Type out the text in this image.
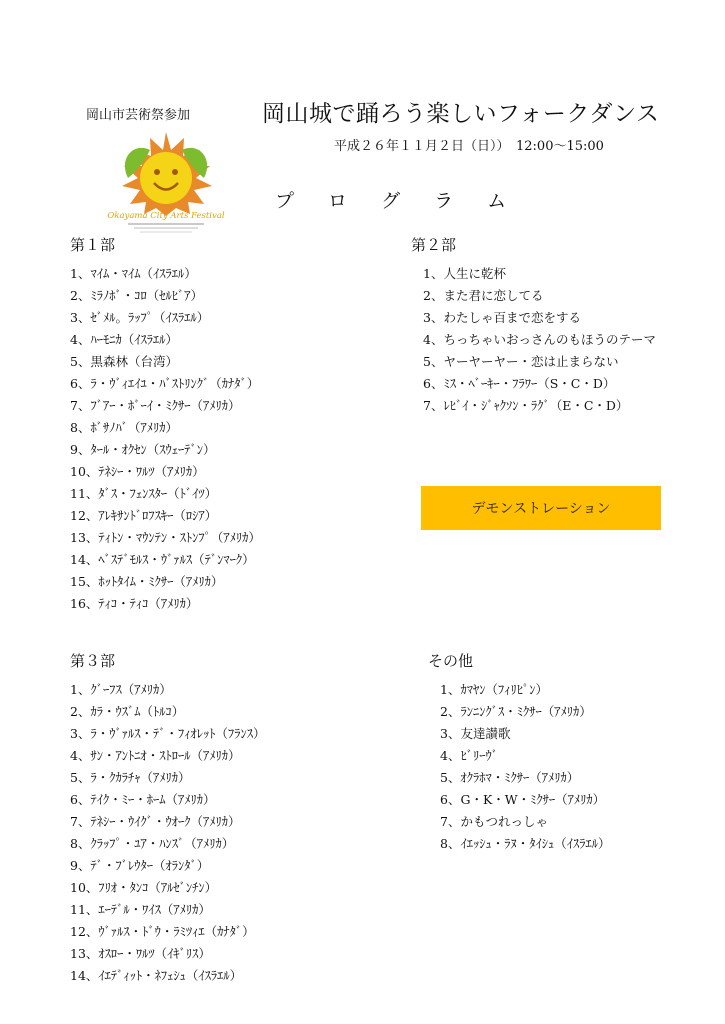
岡山市芸術祭参加	岡山城で踊ろう楽しいフォークダンス
平成２６年１１月２日（日））　12:00〜15:00
Okayama City Arts Festival
プ ロ グ ラ ム
第１部
1、ﾏｲﾑ・ﾏｲﾑ（ｲｽﾗｴﾙ）
2、ﾐﾗﾉﾎﾞ・ｺﾛ（ｾﾙﾋﾞｱ）
3、ｾﾞﾒﾙ。ﾗｯﾌﾟ（ｲｽﾗｴﾙ）
4、ﾊｰﾓﾆｶ（ｲｽﾗｴﾙ）
5、黒森林（台湾）
6、ﾗ・ｳﾞｨｴｲﾕ・ﾊﾞｽﾄﾘﾝｸﾞ（ｶﾅﾀﾞ）
7、ﾌﾞｱｰ・ﾎﾞｰｲ・ﾐｸｻｰ（ｱﾒﾘｶ）
8、ﾎﾞｻﾉﾊﾞ（ｱﾒﾘｶ）
9、ﾀｰﾙ・ｵｸｾﾝ（ｽｳｪｰﾃﾞﾝ）
10、ﾃﾈｼｰ・ﾜﾙﾂ（ｱﾒﾘｶ）
11、ﾀﾞｽ・ﾌｪﾝｽﾀｰ（ﾄﾞｲﾂ）
12、ｱﾚｷｻﾝﾄﾞﾛﾌｽｷｰ（ﾛｼｱ）
13、ﾃｨﾄﾝ・ﾏｳﾝﾃﾝ・ｽﾄﾝﾌﾟ（ｱﾒﾘｶ）
14、ﾍﾞｽﾃﾞﾓﾙｽ・ｳﾞｧﾙｽ（ﾃﾞﾝﾏｰｸ）
15、ﾎｯﾄﾀｲﾑ・ﾐｸｻｰ（ｱﾒﾘｶ）
16、ﾃｨｺ・ﾃｨｺ（ｱﾒﾘｶ）
第２部
1、人生に乾杯
2、また君に恋してる
3、わたしゃ百まで恋をする
4、ちっちゃいおっさんのもほうのテーマ
5、ヤーヤーヤー・恋は止まらない
6、ﾐｽ・ﾍﾞｰｷｰ・ﾌﾗﾜｰ（S・C・D）
7、ﾚﾋﾞｲ・ｼﾞｬｸｿﾝ・ﾗｸﾞ（E・C・D）
デモンストレーション
第３部
1、ｸﾞｰﾌｽ（ｱﾒﾘｶ）
2、ｶﾗ・ｳｽﾞﾑ（ﾄﾙｺ）
3、ﾗ・ｳﾞｧﾙｽ・ﾃﾞ・ﾌｨｵﾚｯﾄ（ﾌﾗﾝｽ）
4、ｻﾝ・ｱﾝﾄﾆｵ・ｽﾄﾛｰﾙ（ｱﾒﾘｶ）
5、ﾗ・ｸｶﾗﾁｬ（ｱﾒﾘｶ）
6、ﾃｲｸ・ﾐｰ・ﾎｰﾑ（ｱﾒﾘｶ）
7、ﾃﾈｼｰ・ｳｲｸﾞ・ｳｵｰｸ（ｱﾒﾘｶ）
8、ｸﾗｯﾌﾟ・ﾕｱ・ﾊﾝｽﾞ（ｱﾒﾘｶ）
9、ﾃﾞ・ﾌﾞﾚｳﾀｰ（ｵﾗﾝﾀﾞ）
10、ﾌﾘｵ・ﾀﾝｺ（ｱﾙｾﾞﾝﾁﾝ）
11、ｴｰﾃﾞﾙ・ﾜｲｽ（ｱﾒﾘｶ）
12、ｳﾞｧﾙｽ・ﾄﾞｳ・ﾗﾐﾂｨｴ（ｶﾅﾀﾞ）
13、ｵｽﾛｰ・ﾜﾙﾂ（ｲｷﾞﾘｽ）
14、ｲｴﾃﾞｨｯﾄ・ﾈﾌｪｼｭ（ｲｽﾗｴﾙ）
その他
1、ｶﾏﾔﾝ（ﾌｨﾘﾋﾟﾝ）
2、ﾗﾝﾆﾝｸﾞｽ・ﾐｸｻｰ（ｱﾒﾘｶ）
3、友達讃歌
4、ﾋﾞﾘｰｳﾞ
5、ｵｸﾗﾎﾏ・ﾐｸｻｰ（ｱﾒﾘｶ）
6、G・K・W・ﾐｸｻｰ（ｱﾒﾘｶ）
7、かもつれっしゃ
8、ｲｴｯｼｭ・ﾗﾇ・ﾀｲｼｭ（ｲｽﾗｴﾙ）
